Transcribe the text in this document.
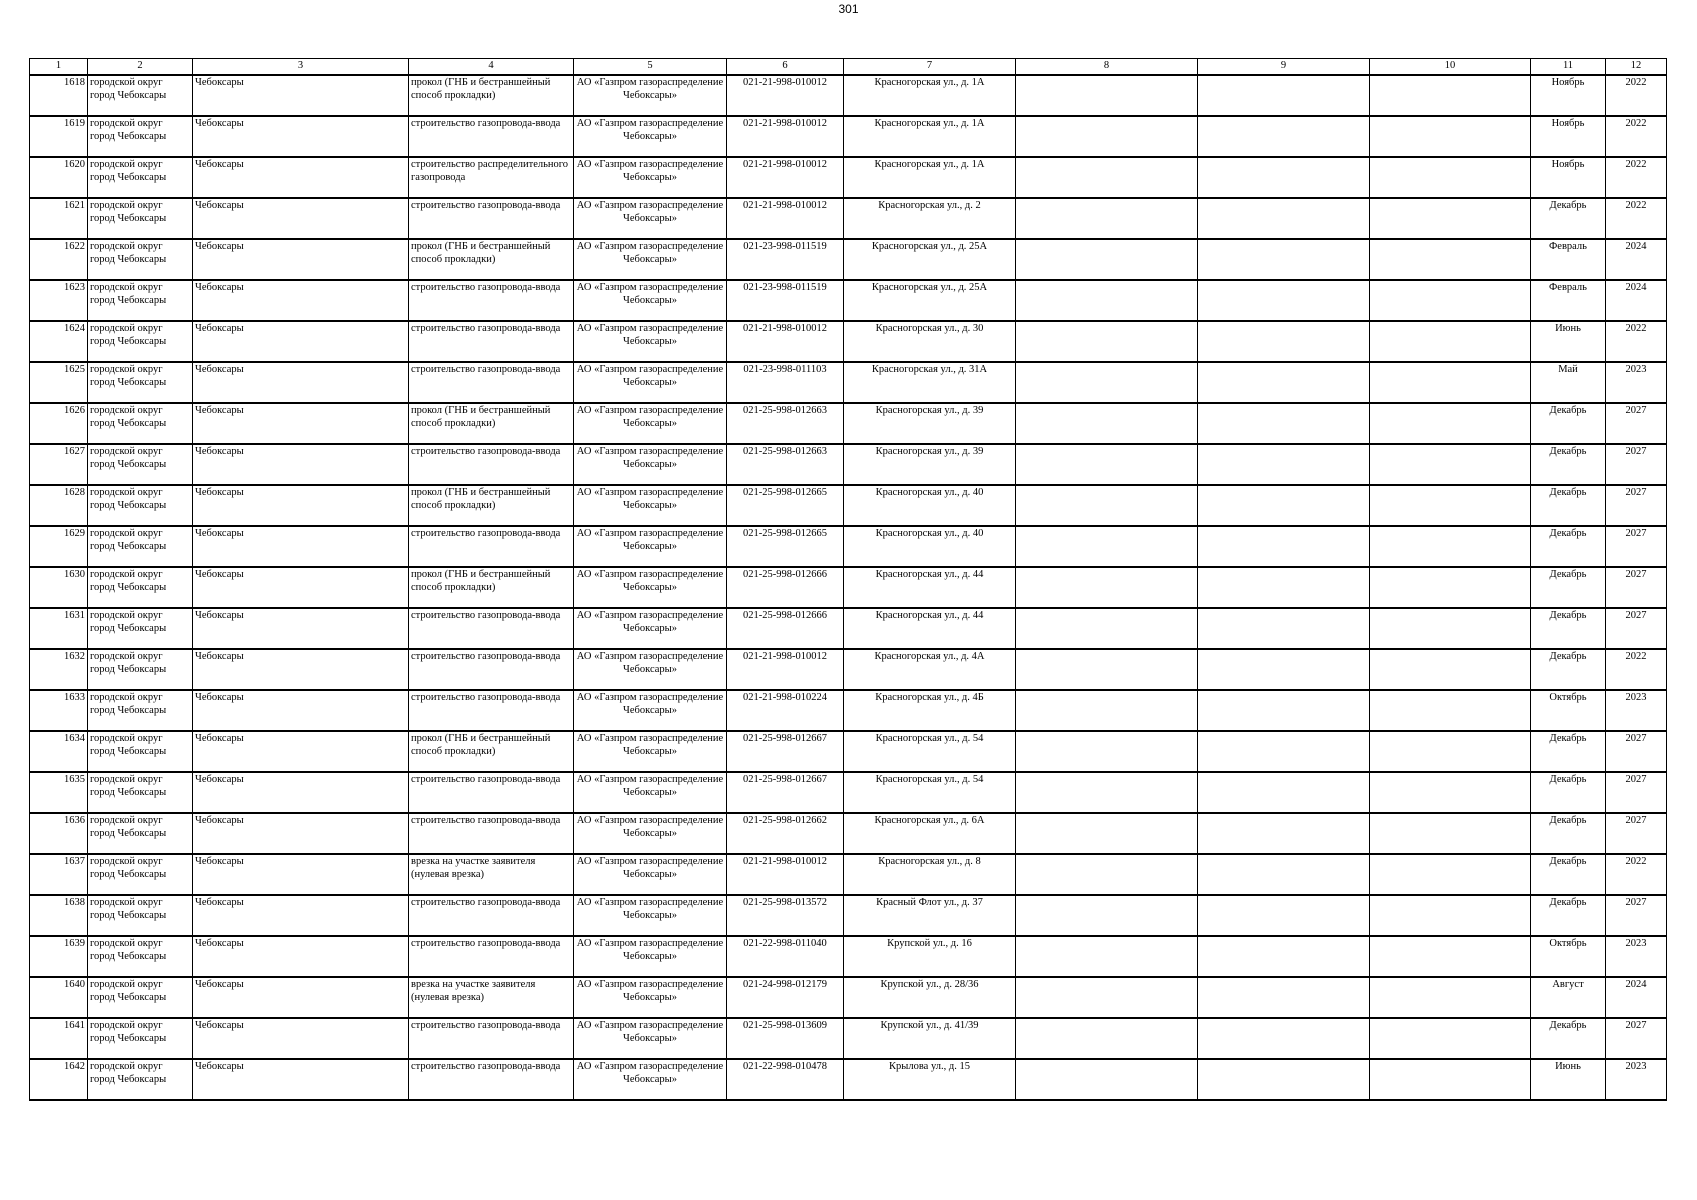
301
1	2	3	4	5	6	7	8	9	10	11	12
1618	городской округ город Чебоксары	Чебоксары	прокол (ГНБ и бестраншейный способ прокладки)	АО «Газпром газораспределение Чебоксары»	021-21-998-010012	Красногорская ул., д. 1А				Ноябрь	2022
1619	городской округ город Чебоксары	Чебоксары	строительство газопровода-ввода	АО «Газпром газораспределение Чебоксары»	021-21-998-010012	Красногорская ул., д. 1А				Ноябрь	2022
1620	городской округ город Чебоксары	Чебоксары	строительство распределительного газопровода	АО «Газпром газораспределение Чебоксары»	021-21-998-010012	Красногорская ул., д. 1А				Ноябрь	2022
1621	городской округ город Чебоксары	Чебоксары	строительство газопровода-ввода	АО «Газпром газораспределение Чебоксары»	021-21-998-010012	Красногорская ул., д. 2				Декабрь	2022
1622	городской округ город Чебоксары	Чебоксары	прокол (ГНБ и бестраншейный способ прокладки)	АО «Газпром газораспределение Чебоксары»	021-23-998-011519	Красногорская ул., д. 25А				Февраль	2024
1623	городской округ город Чебоксары	Чебоксары	строительство газопровода-ввода	АО «Газпром газораспределение Чебоксары»	021-23-998-011519	Красногорская ул., д. 25А				Февраль	2024
1624	городской округ город Чебоксары	Чебоксары	строительство газопровода-ввода	АО «Газпром газораспределение Чебоксары»	021-21-998-010012	Красногорская ул., д. 30				Июнь	2022
1625	городской округ город Чебоксары	Чебоксары	строительство газопровода-ввода	АО «Газпром газораспределение Чебоксары»	021-23-998-011103	Красногорская ул., д. 31А				Май	2023
1626	городской округ город Чебоксары	Чебоксары	прокол (ГНБ и бестраншейный способ прокладки)	АО «Газпром газораспределение Чебоксары»	021-25-998-012663	Красногорская ул., д. 39				Декабрь	2027
1627	городской округ город Чебоксары	Чебоксары	строительство газопровода-ввода	АО «Газпром газораспределение Чебоксары»	021-25-998-012663	Красногорская ул., д. 39				Декабрь	2027
1628	городской округ город Чебоксары	Чебоксары	прокол (ГНБ и бестраншейный способ прокладки)	АО «Газпром газораспределение Чебоксары»	021-25-998-012665	Красногорская ул., д. 40				Декабрь	2027
1629	городской округ город Чебоксары	Чебоксары	строительство газопровода-ввода	АО «Газпром газораспределение Чебоксары»	021-25-998-012665	Красногорская ул., д. 40				Декабрь	2027
1630	городской округ город Чебоксары	Чебоксары	прокол (ГНБ и бестраншейный способ прокладки)	АО «Газпром газораспределение Чебоксары»	021-25-998-012666	Красногорская ул., д. 44				Декабрь	2027
1631	городской округ город Чебоксары	Чебоксары	строительство газопровода-ввода	АО «Газпром газораспределение Чебоксары»	021-25-998-012666	Красногорская ул., д. 44				Декабрь	2027
1632	городской округ город Чебоксары	Чебоксары	строительство газопровода-ввода	АО «Газпром газораспределение Чебоксары»	021-21-998-010012	Красногорская ул., д. 4А				Декабрь	2022
1633	городской округ город Чебоксары	Чебоксары	строительство газопровода-ввода	АО «Газпром газораспределение Чебоксары»	021-21-998-010224	Красногорская ул., д. 4Б				Октябрь	2023
1634	городской округ город Чебоксары	Чебоксары	прокол (ГНБ и бестраншейный способ прокладки)	АО «Газпром газораспределение Чебоксары»	021-25-998-012667	Красногорская ул., д. 54				Декабрь	2027
1635	городской округ город Чебоксары	Чебоксары	строительство газопровода-ввода	АО «Газпром газораспределение Чебоксары»	021-25-998-012667	Красногорская ул., д. 54				Декабрь	2027
1636	городской округ город Чебоксары	Чебоксары	строительство газопровода-ввода	АО «Газпром газораспределение Чебоксары»	021-25-998-012662	Красногорская ул., д. 6А				Декабрь	2027
1637	городской округ город Чебоксары	Чебоксары	врезка на участке заявителя (нулевая врезка)	АО «Газпром газораспределение Чебоксары»	021-21-998-010012	Красногорская ул., д. 8				Декабрь	2022
1638	городской округ город Чебоксары	Чебоксары	строительство газопровода-ввода	АО «Газпром газораспределение Чебоксары»	021-25-998-013572	Красный Флот ул., д. 37				Декабрь	2027
1639	городской округ город Чебоксары	Чебоксары	строительство газопровода-ввода	АО «Газпром газораспределение Чебоксары»	021-22-998-011040	Крупской ул., д. 16				Октябрь	2023
1640	городской округ город Чебоксары	Чебоксары	врезка на участке заявителя (нулевая врезка)	АО «Газпром газораспределение Чебоксары»	021-24-998-012179	Крупской ул., д. 28/36				Август	2024
1641	городской округ город Чебоксары	Чебоксары	строительство газопровода-ввода	АО «Газпром газораспределение Чебоксары»	021-25-998-013609	Крупской ул., д. 41/39				Декабрь	2027
1642	городской округ город Чебоксары	Чебоксары	строительство газопровода-ввода	АО «Газпром газораспределение Чебоксары»	021-22-998-010478	Крылова ул., д. 15				Июнь	2023
